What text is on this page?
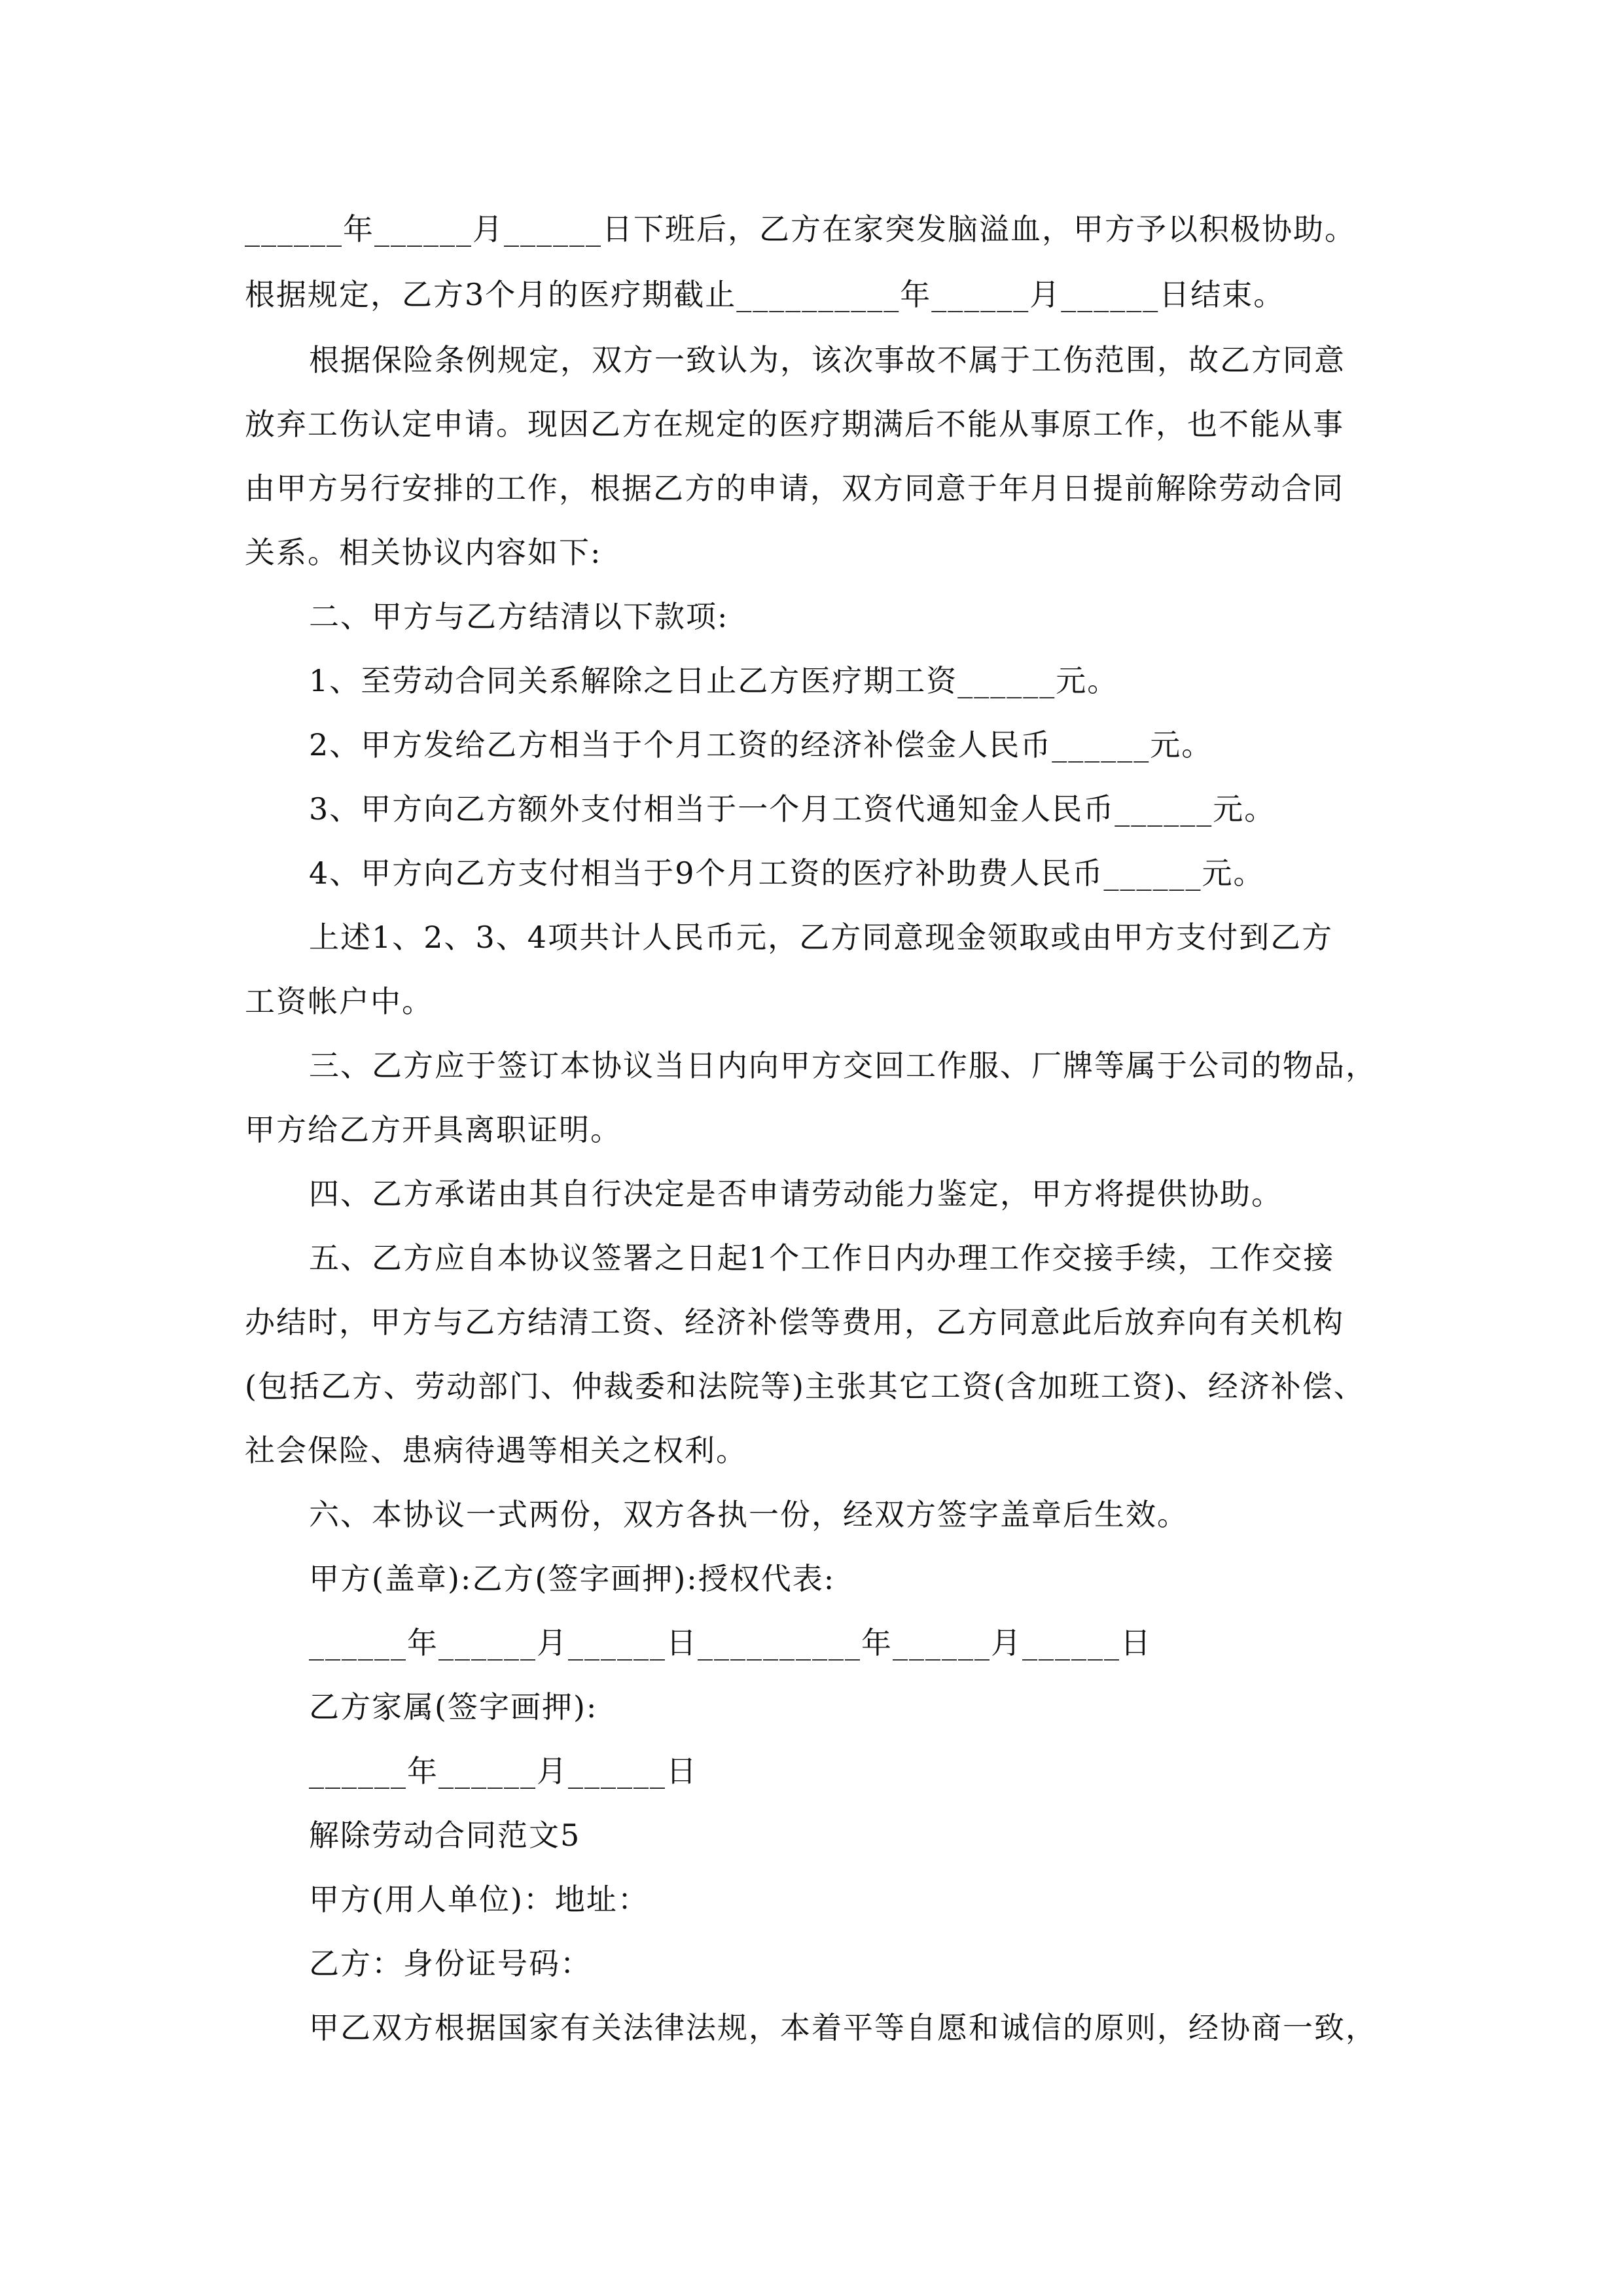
______年______月______日下班后，乙方在家突发脑溢血，甲方予以积极协助。
根据规定，乙方3个月的医疗期截止__________年______月______日结束。
根据保险条例规定，双方一致认为，该次事故不属于工伤范围，故乙方同意
放弃工伤认定申请。现因乙方在规定的医疗期满后不能从事原工作，也不能从事
由甲方另行安排的工作，根据乙方的申请，双方同意于年月日提前解除劳动合同
关系。相关协议内容如下:
二、甲方与乙方结清以下款项:
1、至劳动合同关系解除之日止乙方医疗期工资______元。
2、甲方发给乙方相当于个月工资的经济补偿金人民币______元。
3、甲方向乙方额外支付相当于一个月工资代通知金人民币______元。
4、甲方向乙方支付相当于9个月工资的医疗补助费人民币______元。
上述1、2、3、4项共计人民币元，乙方同意现金领取或由甲方支付到乙方
工资帐户中。
三、乙方应于签订本协议当日内向甲方交回工作服、厂牌等属于公司的物品，
甲方给乙方开具离职证明。
四、乙方承诺由其自行决定是否申请劳动能力鉴定，甲方将提供协助。
五、乙方应自本协议签署之日起1个工作日内办理工作交接手续，工作交接
办结时，甲方与乙方结清工资、经济补偿等费用，乙方同意此后放弃向有关机构
(包括乙方、劳动部门、仲裁委和法院等)主张其它工资(含加班工资)、经济补偿、
社会保险、患病待遇等相关之权利。
六、本协议一式两份，双方各执一份，经双方签字盖章后生效。
甲方(盖章):乙方(签字画押):授权代表:
______年______月______日__________年______月______日
乙方家属(签字画押):
______年______月______日
解除劳动合同范文5
甲方(用人单位)：地址：
乙方：身份证号码：
甲乙双方根据国家有关法律法规，本着平等自愿和诚信的原则，经协商一致，
